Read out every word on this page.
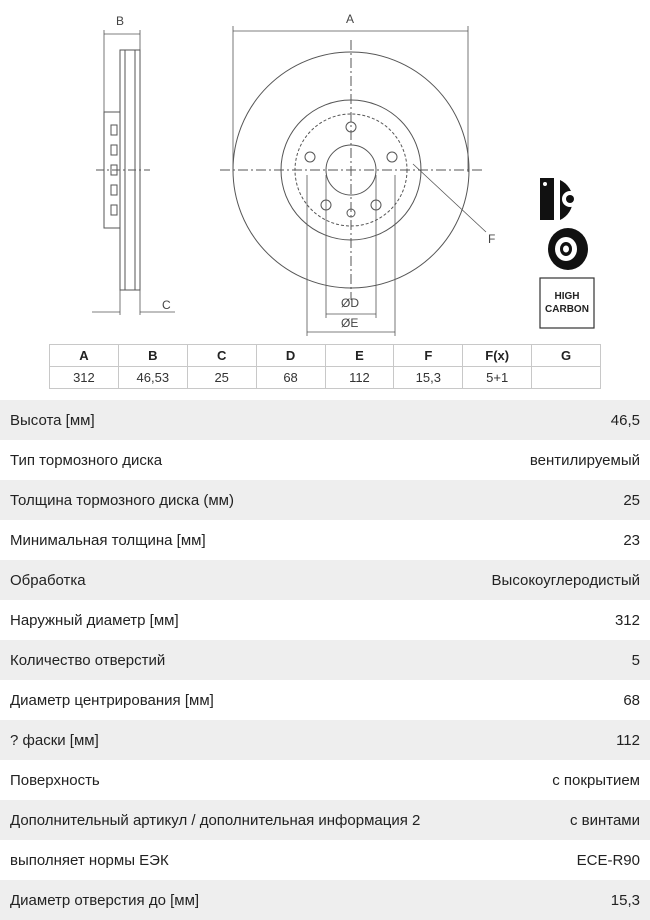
B	A
C	ØD
ØE
F
HIGH
CARBON
A	B	C	D	E	F	F(x)	G
312	46,53	25	68	112	15,3	5+1	
Высота [мм]	46,5
Тип тормозного диска	вентилируемый
Толщина тормозного диска (мм)	25
Минимальная толщина [мм]	23
Обработка	Высокоуглеродистый
Наружный диаметр [мм]	312
Количество отверстий	5
Диаметр центрирования [мм]	68
? фаски [мм]	112
Поверхность	с покрытием
Дополнительный артикул / дополнительная информация 2	с винтами
выполняет нормы ЕЭК	ECE-R90
Диаметр отверстия до [мм]	15,3
